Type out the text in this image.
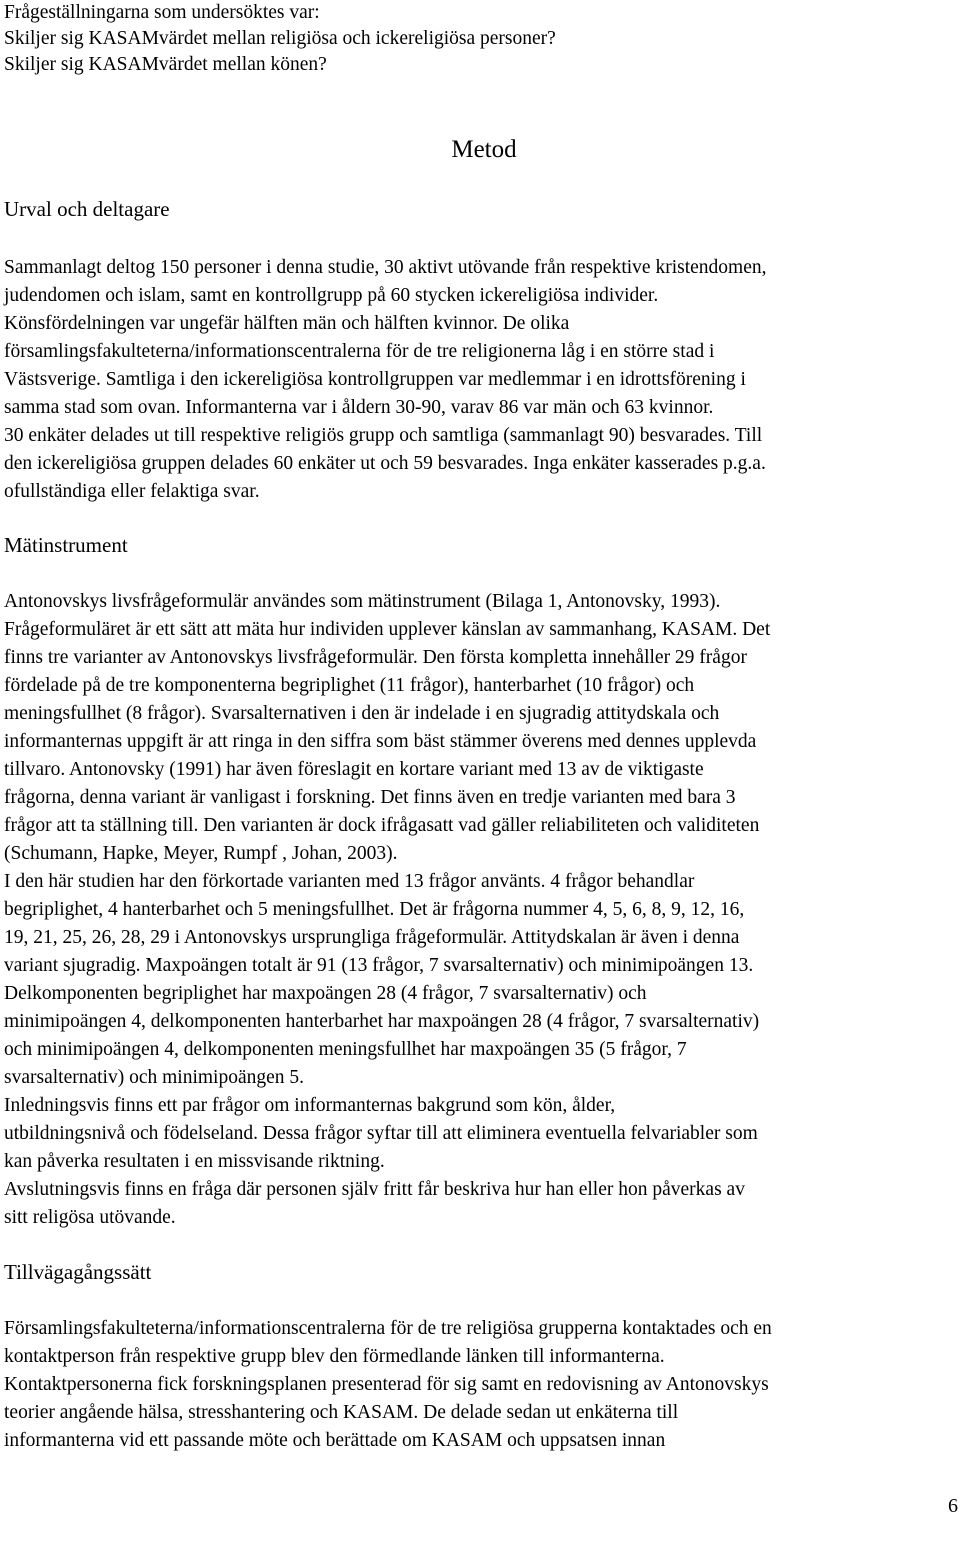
Frågeställningarna som undersöktes var:
Skiljer sig KASAMvärdet mellan religiösa och ickereligiösa personer?
Skiljer sig KASAMvärdet mellan könen?
Metod
Urval och deltagare
Sammanlagt deltog 150 personer i denna studie, 30 aktivt utövande från respektive kristendomen,
judendomen och islam, samt en kontrollgrupp på 60 stycken ickereligiösa individer.
Könsfördelningen var ungefär hälften män och hälften kvinnor. De olika
församlingsfakulteterna/informationscentralerna för de tre religionerna låg i en större stad i
Västsverige. Samtliga i den ickereligiösa kontrollgruppen var medlemmar i en idrottsförening i
samma stad som ovan. Informanterna var i åldern 30-90, varav 86 var män och 63 kvinnor.
30 enkäter delades ut till respektive religiös grupp och samtliga (sammanlagt 90) besvarades. Till
den ickereligiösa gruppen delades 60 enkäter ut och 59 besvarades. Inga enkäter kasserades p.g.a.
ofullständiga eller felaktiga svar.
Mätinstrument
Antonovskys livsfrågeformulär användes som mätinstrument (Bilaga 1, Antonovsky, 1993).
Frågeformuläret är ett sätt att mäta hur individen upplever känslan av sammanhang, KASAM. Det
finns tre varianter av Antonovskys livsfrågeformulär. Den första kompletta innehåller 29 frågor
fördelade på de tre komponenterna begriplighet (11 frågor), hanterbarhet (10 frågor) och
meningsfullhet (8 frågor). Svarsalternativen i den är indelade i en sjugradig attitydskala och
informanternas uppgift är att ringa in den siffra som bäst stämmer överens med dennes upplevda
tillvaro. Antonovsky (1991) har även föreslagit en kortare variant med 13 av de viktigaste
frågorna, denna variant är vanligast i forskning. Det finns även en tredje varianten med bara 3
frågor att ta ställning till. Den varianten är dock ifrågasatt vad gäller reliabiliteten och validiteten
(Schumann, Hapke, Meyer, Rumpf , Johan, 2003).
I den här studien har den förkortade varianten med 13 frågor använts. 4 frågor behandlar
begriplighet, 4 hanterbarhet och 5 meningsfullhet. Det är frågorna nummer 4, 5, 6, 8, 9, 12, 16,
19, 21, 25, 26, 28, 29 i Antonovskys ursprungliga frågeformulär. Attitydskalan är även i denna
variant sjugradig. Maxpoängen totalt är 91 (13 frågor, 7 svarsalternativ) och minimipoängen 13.
Delkomponenten begriplighet har maxpoängen 28 (4 frågor, 7 svarsalternativ) och
minimipoängen 4, delkomponenten hanterbarhet har maxpoängen 28 (4 frågor, 7 svarsalternativ)
och minimipoängen 4, delkomponenten meningsfullhet har maxpoängen 35 (5 frågor, 7
svarsalternativ) och minimipoängen 5.
Inledningsvis finns ett par frågor om informanternas bakgrund som kön, ålder,
utbildningsnivå och födelseland. Dessa frågor syftar till att eliminera eventuella felvariabler som
kan påverka resultaten i en missvisande riktning.
Avslutningsvis finns en fråga där personen själv fritt får beskriva hur han eller hon påverkas av
sitt religösa utövande.
Tillvägagångssätt
Församlingsfakulteterna/informationscentralerna för de tre religiösa grupperna kontaktades och en
kontaktperson från respektive grupp blev den förmedlande länken till informanterna.
Kontaktpersonerna fick forskningsplanen presenterad för sig samt en redovisning av Antonovskys
teorier angående hälsa, stresshantering och KASAM. De delade sedan ut enkäterna till
informanterna vid ett passande möte och berättade om KASAM och uppsatsen innan
6
